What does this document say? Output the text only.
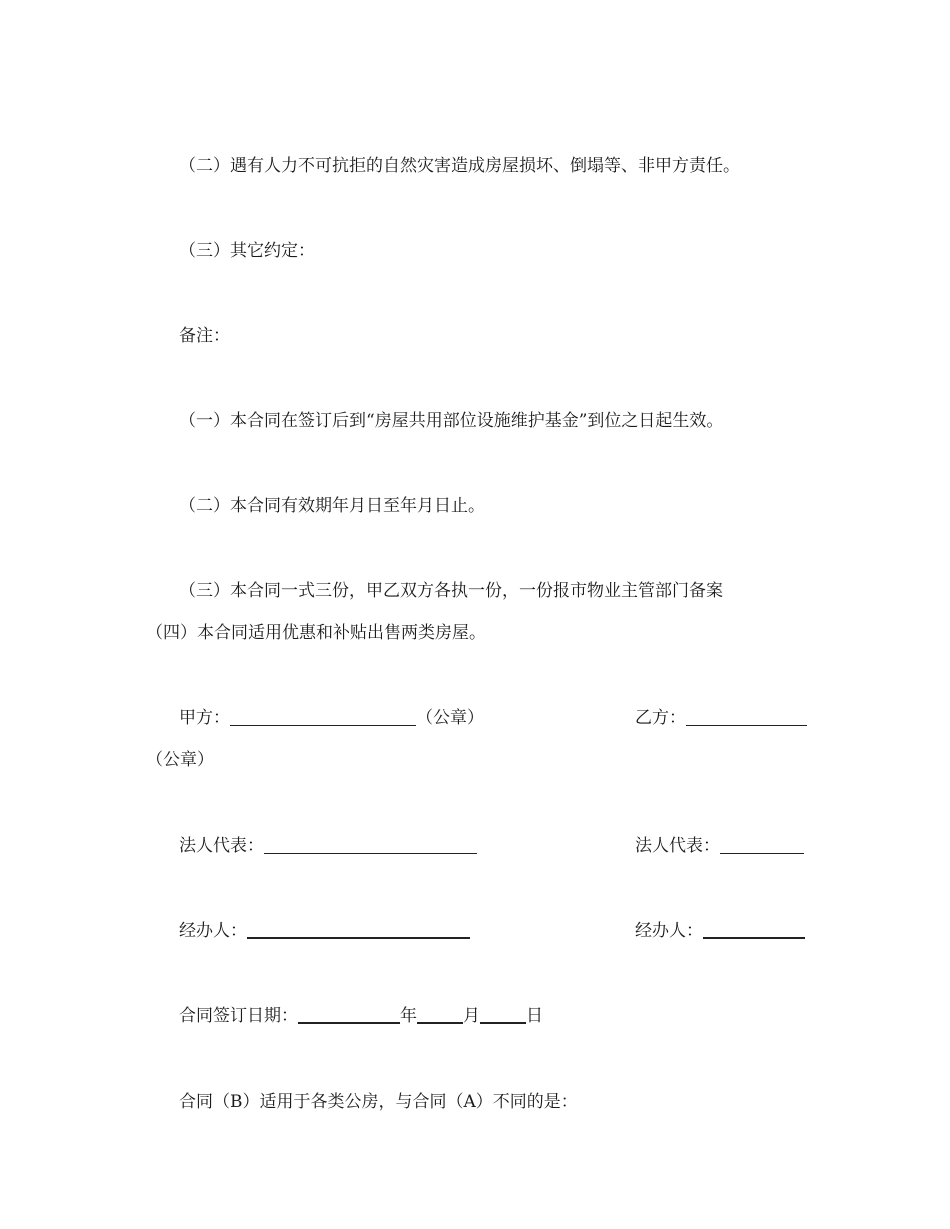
（二）遇有人力不可抗拒的自然灾害造成房屋损坏、倒塌等、非甲方责任。
（三）其它约定：
备注：
（一）本合同在签订后到“房屋共用部位设施维护基金”到位之日起生效。
（二）本合同有效期年月日至年月日止。
（三）本合同一式三份，甲乙双方各执一份，一份报市物业主管部门备案
（四）本合同适用优惠和补贴出售两类房屋。
甲方：	（公章）	乙方：
（公章）
法人代表：	法人代表：
经办人：	经办人：
合同签订日期：	年	月	日
合同（B）适用于各类公房，与合同（A）不同的是：
